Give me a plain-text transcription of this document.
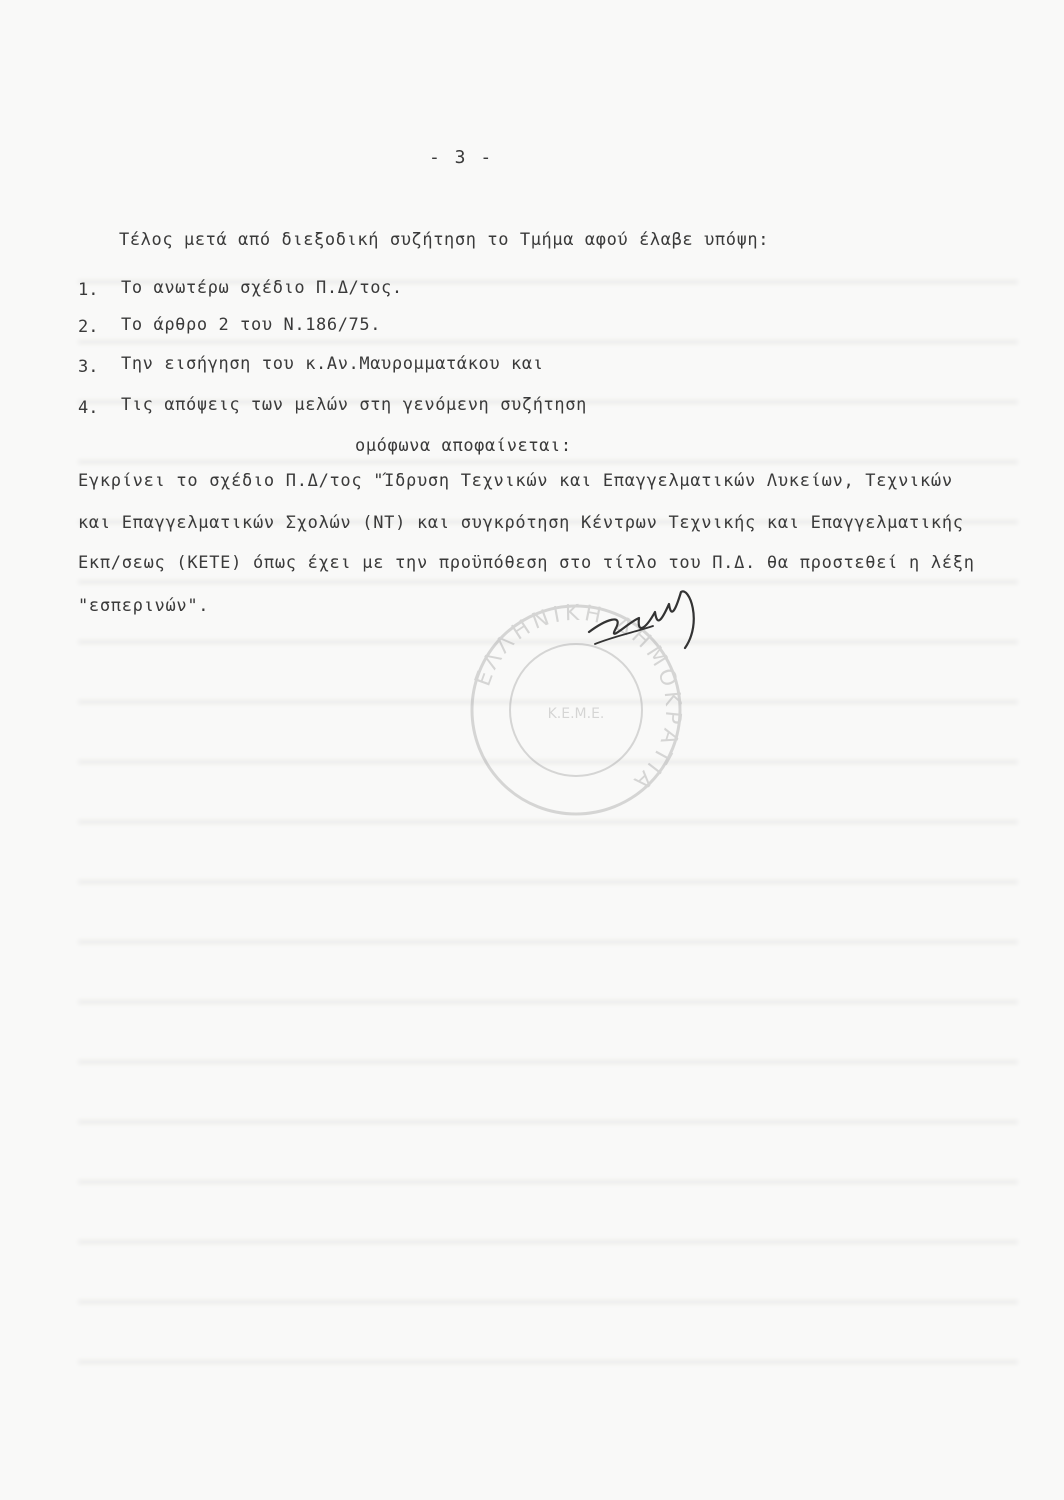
- 3 -
Τέλος μετά από διεξοδική συζήτηση το Τμήμα αφού έλαβε υπόψη:
1. Το ανωτέρω σχέδιο Π.Δ/τος.
2. Το άρθρο 2 του Ν.186/75.
3. Την εισήγηση του κ.Αν.Μαυρομματάκου και
4. Τις απόψεις των μελών στη γενόμενη συζήτηση
ομόφωνα αποφαίνεται:
Εγκρίνει το σχέδιο Π.Δ/τος "Ίδρυση Τεχνικών και Επαγγελματικών Λυκείων, Τεχνικών
και Επαγγελματικών Σχολών (ΝΤ) και συγκρότηση Κέντρων Τεχνικής και Επαγγελματικής
Εκπ/σεως (ΚΕΤΕ) όπως έχει με την προϋπόθεση στο τίτλο του Π.Δ. θα προστεθεί η λέξη
"εσπερινών".
ΕΛΛΗΝΙΚΗ ΔΗΜΟΚΡΑΤΙΑ
Κ.Ε.Μ.Ε.
